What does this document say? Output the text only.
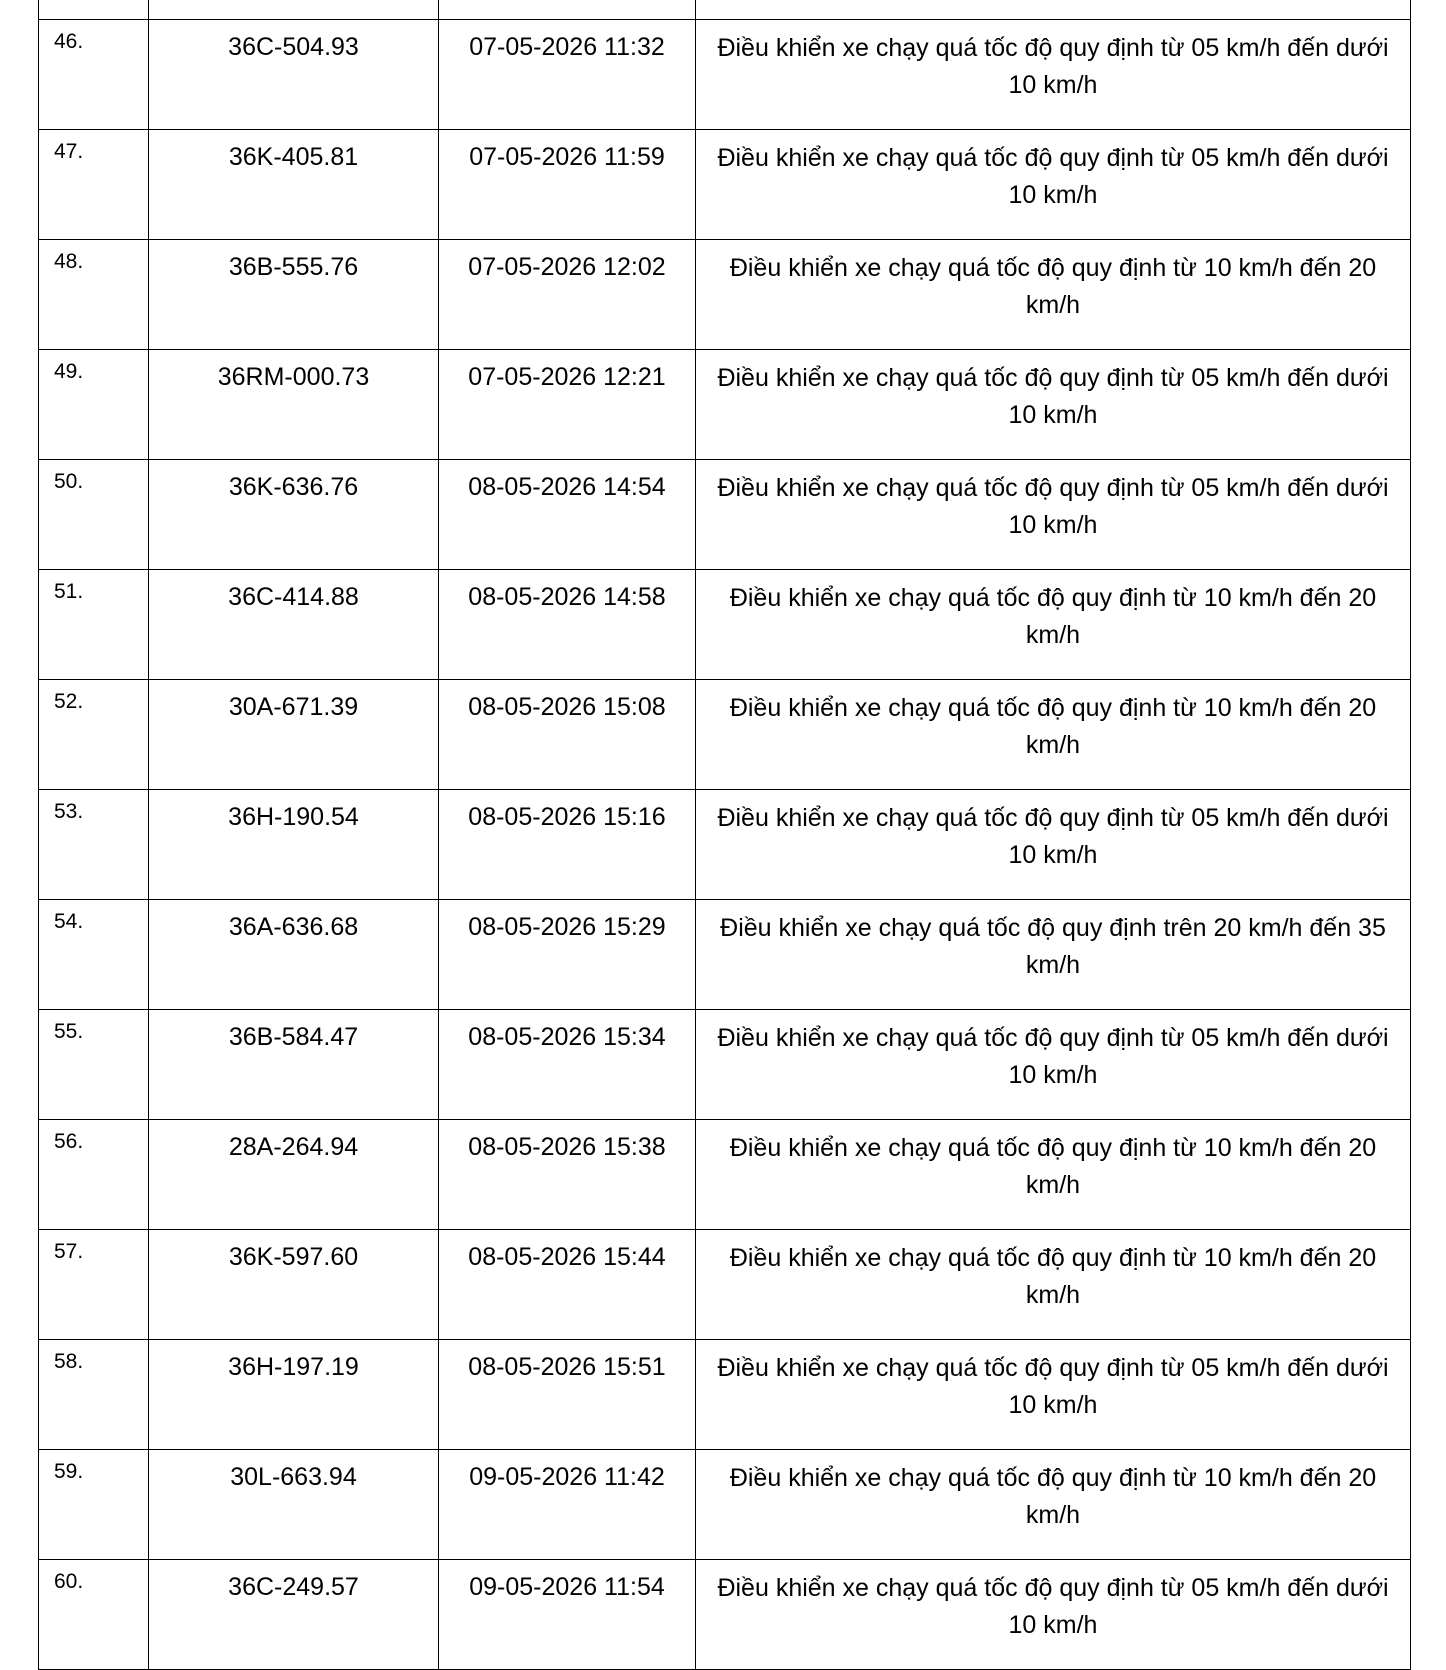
46.	36C-504.93	07-05-2026 11:32	Điều khiển xe chạy quá tốc độ quy định từ 05 km/h đến dưới 10 km/h

47.	36K-405.81	07-05-2026 11:59	Điều khiển xe chạy quá tốc độ quy định từ 05 km/h đến dưới 10 km/h

48.	36B-555.76	07-05-2026 12:02	Điều khiển xe chạy quá tốc độ quy định từ 10 km/h đến 20 km/h

49.	36RM-000.73	07-05-2026 12:21	Điều khiển xe chạy quá tốc độ quy định từ 05 km/h đến dưới 10 km/h

50.	36K-636.76	08-05-2026 14:54	Điều khiển xe chạy quá tốc độ quy định từ 05 km/h đến dưới 10 km/h

51.	36C-414.88	08-05-2026 14:58	Điều khiển xe chạy quá tốc độ quy định từ 10 km/h đến 20 km/h

52.	30A-671.39	08-05-2026 15:08	Điều khiển xe chạy quá tốc độ quy định từ 10 km/h đến 20 km/h

53.	36H-190.54	08-05-2026 15:16	Điều khiển xe chạy quá tốc độ quy định từ 05 km/h đến dưới 10 km/h

54.	36A-636.68	08-05-2026 15:29	Điều khiển xe chạy quá tốc độ quy định trên 20 km/h đến 35 km/h

55.	36B-584.47	08-05-2026 15:34	Điều khiển xe chạy quá tốc độ quy định từ 05 km/h đến dưới 10 km/h

56.	28A-264.94	08-05-2026 15:38	Điều khiển xe chạy quá tốc độ quy định từ 10 km/h đến 20 km/h

57.	36K-597.60	08-05-2026 15:44	Điều khiển xe chạy quá tốc độ quy định từ 10 km/h đến 20 km/h

58.	36H-197.19	08-05-2026 15:51	Điều khiển xe chạy quá tốc độ quy định từ 05 km/h đến dưới 10 km/h

59.	30L-663.94	09-05-2026 11:42	Điều khiển xe chạy quá tốc độ quy định từ 10 km/h đến 20 km/h

60.	36C-249.57	09-05-2026 11:54	Điều khiển xe chạy quá tốc độ quy định từ 05 km/h đến dưới 10 km/h
